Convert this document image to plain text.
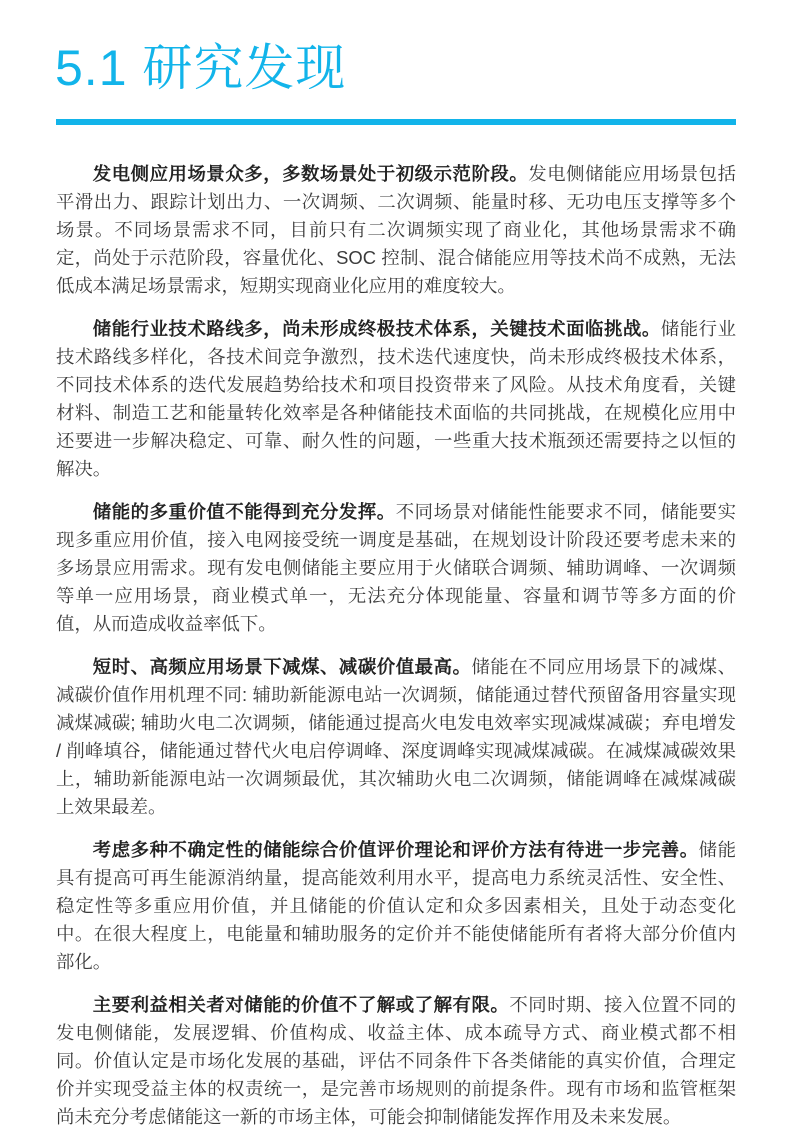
5.1 研究发现

发电侧应用场景众多，多数场景处于初级示范阶段。发电侧储能应用场景包括平滑出力、跟踪计划出力、一次调频、二次调频、能量时移、无功电压支撑等多个场景。不同场景需求不同，目前只有二次调频实现了商业化，其他场景需求不确定，尚处于示范阶段，容量优化、SOC 控制、混合储能应用等技术尚不成熟，无法低成本满足场景需求，短期实现商业化应用的难度较大。

储能行业技术路线多，尚未形成终极技术体系，关键技术面临挑战。储能行业技术路线多样化，各技术间竞争激烈，技术迭代速度快，尚未形成终极技术体系，不同技术体系的迭代发展趋势给技术和项目投资带来了风险。从技术角度看，关键材料、制造工艺和能量转化效率是各种储能技术面临的共同挑战，在规模化应用中还要进一步解决稳定、可靠、耐久性的问题，一些重大技术瓶颈还需要持之以恒的解决。

储能的多重价值不能得到充分发挥。不同场景对储能性能要求不同，储能要实现多重应用价值，接入电网接受统一调度是基础，在规划设计阶段还要考虑未来的多场景应用需求。现有发电侧储能主要应用于火储联合调频、辅助调峰、一次调频等单一应用场景，商业模式单一，无法充分体现能量、容量和调节等多方面的价值，从而造成收益率低下。

短时、高频应用场景下减煤、减碳价值最高。储能在不同应用场景下的减煤、减碳价值作用机理不同: 辅助新能源电站一次调频，储能通过替代预留备用容量实现减煤减碳; 辅助火电二次调频，储能通过提高火电发电效率实现减煤减碳；弃电增发 / 削峰填谷，储能通过替代火电启停调峰、深度调峰实现减煤减碳。在减煤减碳效果上，辅助新能源电站一次调频最优，其次辅助火电二次调频，储能调峰在减煤减碳上效果最差。

考虑多种不确定性的储能综合价值评价理论和评价方法有待进一步完善。储能具有提高可再生能源消纳量，提高能效利用水平，提高电力系统灵活性、安全性、稳定性等多重应用价值，并且储能的价值认定和众多因素相关，且处于动态变化中。在很大程度上，电能量和辅助服务的定价并不能使储能所有者将大部分价值内部化。

主要利益相关者对储能的价值不了解或了解有限。不同时期、接入位置不同的发电侧储能，发展逻辑、价值构成、收益主体、成本疏导方式、商业模式都不相同。价值认定是市场化发展的基础，评估不同条件下各类储能的真实价值，合理定价并实现受益主体的权责统一，是完善市场规则的前提条件。现有市场和监管框架尚未充分考虑储能这一新的市场主体，可能会抑制储能发挥作用及未来发展。
